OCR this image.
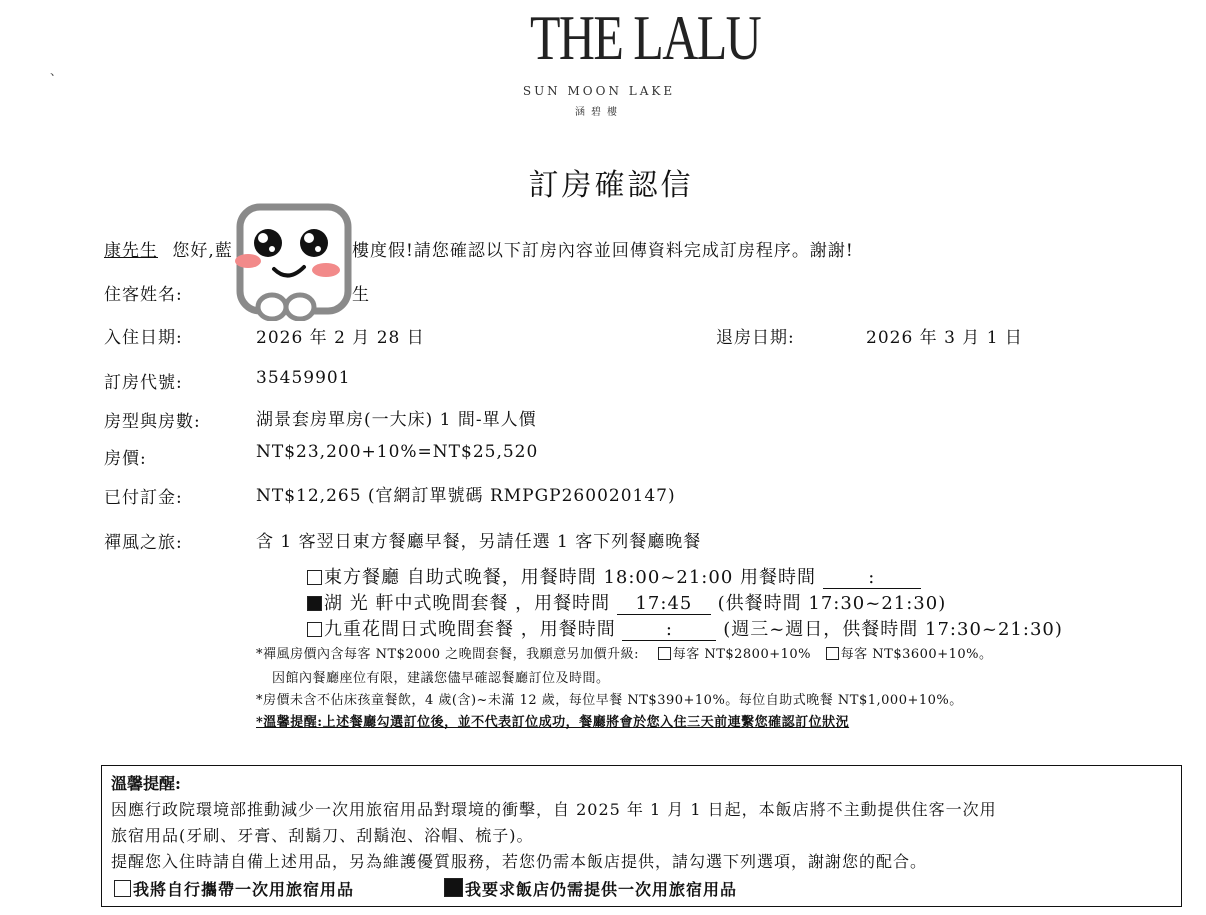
THE LALU
SUN MOON LAKE
涵碧樓
、
訂房確認信
康先生 您好,藍	樓度假!請您確認以下訂房內容並回傳資料完成訂房程序。謝謝!
住客姓名:	生
入住日期:	2026 年 2 月 28 日	退房日期:	2026 年 3 月 1 日
訂房代號:	35459901
房型與房數:	湖景套房單房(一大床) 1 間-單人價
房價:	NT$23,200+10%=NT$25,520
已付訂金:	NT$12,265 (官網訂單號碼 RMPGP260020147)
禪風之旅:	含 1 客翌日東方餐廳早餐，另請任選 1 客下列餐廳晚餐
東方餐廳 自助式晚餐，用餐時間 18:00~21:00 用餐時間	:
湖 光 軒中式晚間套餐 ，用餐時間 17:45 (供餐時間 17:30~21:30)
九重花間日式晚間套餐 ，用餐時間	:	(週三~週日，供餐時間 17:30~21:30)
*禪風房價內含每客 NT$2000 之晚間套餐，我願意另加價升級:	每客 NT$2800+10% 每客 NT$3600+10%。
因館內餐廳座位有限，建議您儘早確認餐廳訂位及時間。
*房價未含不佔床孩童餐飲，4 歲(含)~未滿 12 歲，每位早餐 NT$390+10%。每位自助式晚餐 NT$1,000+10%。
*溫馨提醒:上述餐廳勾選訂位後，並不代表訂位成功，餐廳將會於您入住三天前連繫您確認訂位狀況
溫馨提醒:
因應行政院環境部推動減少一次用旅宿用品對環境的衝擊，自 2025 年 1 月 1 日起，本飯店將不主動提供住客一次用
旅宿用品(牙刷、牙膏、刮鬍刀、刮鬍泡、浴帽、梳子)。
提醒您入住時請自備上述用品，另為維護優質服務，若您仍需本飯店提供，請勾選下列選項，謝謝您的配合。
我將自行攜帶一次用旅宿用品	我要求飯店仍需提供一次用旅宿用品
